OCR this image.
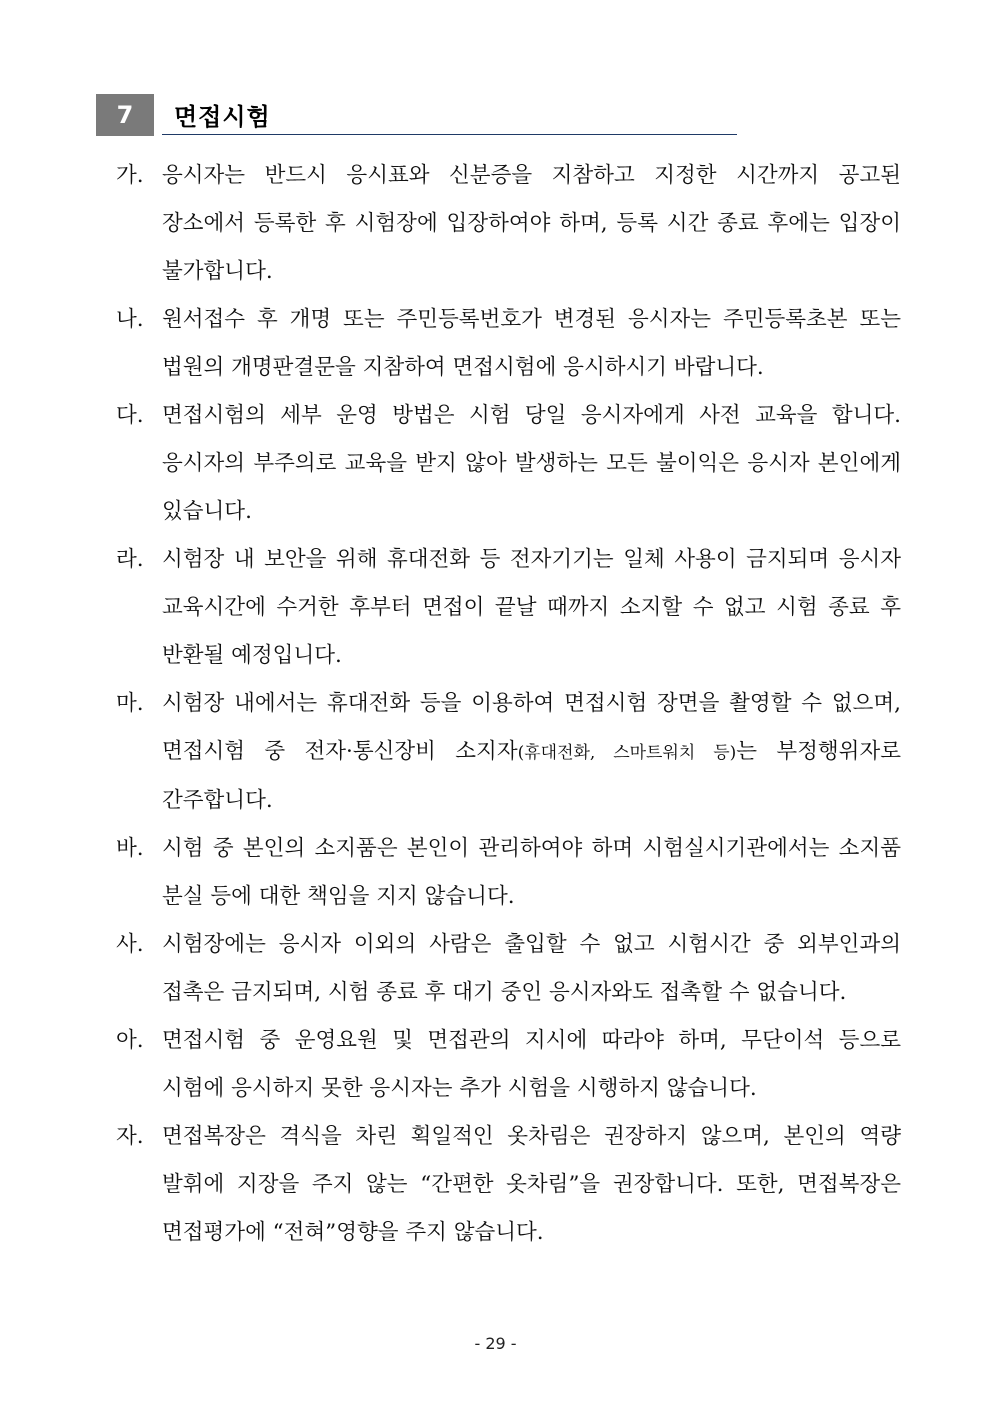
7	면접시험
가. 응시자는 반드시 응시표와 신분증을 지참하고 지정한 시간까지 공고된 장소에서 등록한 후 시험장에 입장하여야 하며, 등록 시간 종료 후에는 입장이 불가합니다.
나. 원서접수 후 개명 또는 주민등록번호가 변경된 응시자는 주민등록초본 또는 법원의 개명판결문을 지참하여 면접시험에 응시하시기 바랍니다.
다. 면접시험의 세부 운영 방법은 시험 당일 응시자에게 사전 교육을 합니다. 응시자의 부주의로 교육을 받지 않아 발생하는 모든 불이익은 응시자 본인에게 있습니다.
라. 시험장 내 보안을 위해 휴대전화 등 전자기기는 일체 사용이 금지되며 응시자 교육시간에 수거한 후부터 면접이 끝날 때까지 소지할 수 없고 시험 종료 후 반환될 예정입니다.
마. 시험장 내에서는 휴대전화 등을 이용하여 면접시험 장면을 촬영할 수 없으며, 면접시험 중 전자·통신장비 소지자(휴대전화, 스마트워치 등)는 부정행위자로 간주합니다.
바. 시험 중 본인의 소지품은 본인이 관리하여야 하며 시험실시기관에서는 소지품 분실 등에 대한 책임을 지지 않습니다.
사. 시험장에는 응시자 이외의 사람은 출입할 수 없고 시험시간 중 외부인과의 접촉은 금지되며, 시험 종료 후 대기 중인 응시자와도 접촉할 수 없습니다.
아. 면접시험 중 운영요원 및 면접관의 지시에 따라야 하며, 무단이석 등으로 시험에 응시하지 못한 응시자는 추가 시험을 시행하지 않습니다.
자. 면접복장은 격식을 차린 획일적인 옷차림은 권장하지 않으며, 본인의 역량 발휘에 지장을 주지 않는 “간편한 옷차림”을 권장합니다. 또한, 면접복장은 면접평가에 “전혀”영향을 주지 않습니다.
- 29 -
